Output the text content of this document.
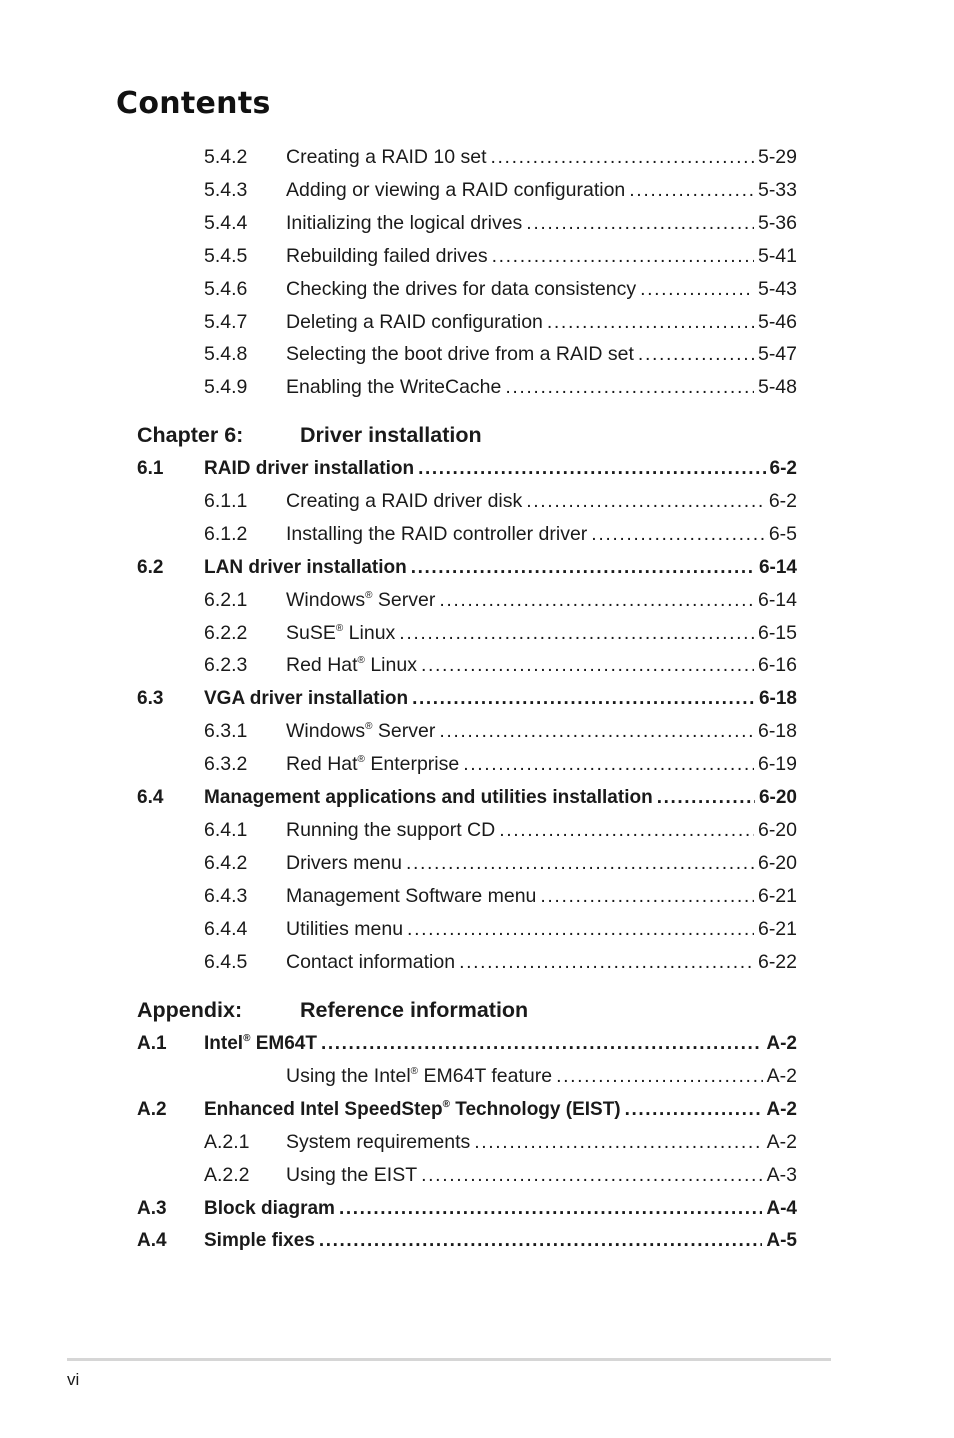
Contents
5.4.2 Creating a RAID 10 set .....	5-29
5.4.3 Adding or viewing a RAID configuration .....	5-33
5.4.4 Initializing the logical drives .....	5-36
5.4.5 Rebuilding failed drives .....	5-41
5.4.6 Checking the drives for data consistency .....	5-43
5.4.7 Deleting a RAID configuration .....	5-46
5.4.8 Selecting the boot drive from a RAID set .....	5-47
5.4.9 Enabling the WriteCache .....	5-48
Chapter 6:	Driver installation
6.1 RAID driver installation .....	6-2
6.1.1 Creating a RAID driver disk .....	6-2
6.1.2 Installing the RAID controller driver .....	6-5
6.2 LAN driver installation .....	6-14
6.2.1 Windows® Server .....	6-14
6.2.2 SuSE® Linux .....	6-15
6.2.3 Red Hat® Linux .....	6-16
6.3 VGA driver installation .....	6-18
6.3.1 Windows® Server .....	6-18
6.3.2 Red Hat® Enterprise .....	6-19
6.4 Management applications and utilities installation .....	6-20
6.4.1 Running the support CD .....	6-20
6.4.2 Drivers menu .....	6-20
6.4.3 Management Software menu .....	6-21
6.4.4 Utilities menu .....	6-21
6.4.5 Contact information .....	6-22
Appendix:	Reference information
A.1 Intel® EM64T .....	A-2
Using the Intel® EM64T feature .....	A-2
A.2 Enhanced Intel SpeedStep® Technology (EIST) .....	A-2
A.2.1 System requirements .....	A-2
A.2.2 Using the EIST .....	A-3
A.3 Block diagram .....	A-4
A.4 Simple fixes .....	A-5
vi
